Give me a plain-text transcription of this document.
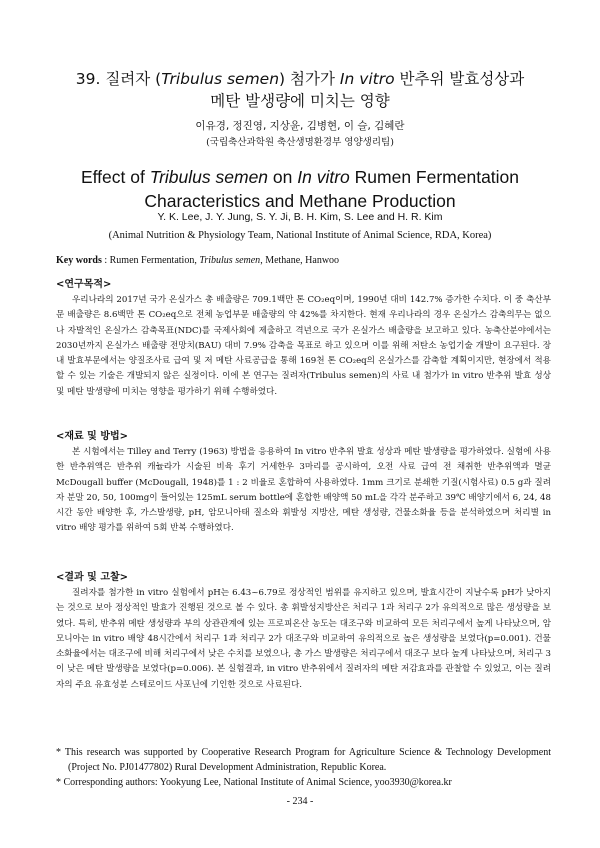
39. 질려자 (Tribulus semen) 첨가가 In vitro 반추위 발효성상과
메탄 발생량에 미치는 영향
이유경, 정진영, 지상윤, 김병현, 이 슬, 김혜란
(국립축산과학원 축산생명환경부 영양생리팀)
Effect of Tribulus semen on In vitro Rumen Fermentation
Characteristics and Methane Production
Y. K. Lee, J. Y. Jung, S. Y. Ji, B. H. Kim, S. Lee and H. R. Kim
(Animal Nutrition & Physiology Team, National Institute of Animal Science, RDA, Korea)
Key words : Rumen Fermentation, Tribulus semen, Methane, Hanwoo
<연구목적>

우리나라의 2017년 국가 온실가스 총 배출량은 709.1백만 톤 CO₂eq이며, 1990년 대비 142.7% 증가한 수치다. 이 중 축산부문 배출량은 8.6백만 톤 CO₂eq으로 전체 농업부문 배출량의 약 42%를 차지한다. 현재 우리나라의 경우 온실가스 감축의무는 없으나 자발적인 온실가스 감축목표(NDC)를 국제사회에 제출하고 격년으로 국가 온실가스 배출량을 보고하고 있다. 농축산분야에서는 2030년까지 온실가스 배출량 전망치(BAU) 대비 7.9% 감축을 목표로 하고 있으며 이를 위해 저탄소 농업기술 개발이 요구된다. 장내 발효부문에서는 양질조사료 급여 및 저 메탄 사료공급을 통해 169천 톤 CO₂eq의 온실가스를 감축할 계획이지만, 현장에서 적용할 수 있는 기술은 개발되지 않은 실정이다. 이에 본 연구는 질려자(Tribulus semen)의 사료 내 첨가가 in vitro 반추위 발효 성상 및 메탄 발생량에 미치는 영향을 평가하기 위해 수행하였다.

<재료 및 방법>

본 시험에서는 Tilley and Terry (1963) 방법을 응용하여 In vitro 반추위 발효 성상과 메탄 발생량을 평가하였다. 실험에 사용한 반추위액은 반추위 캐뉼라가 시술된 비육 후기 거세한우 3마리를 공시하여, 오전 사료 급여 전 채취한 반추위액과 멸균 McDougall buffer (McDougall, 1948)를 1 : 2 비율로 혼합하여 사용하였다. 1mm 크기로 분쇄한 기질(시험사료) 0.5 g과 질려자 분말 20, 50, 100mg이 들어있는 125mL serum bottle에 혼합한 배양액 50 mL을 각각 분주하고 39℃ 배양기에서 6, 24, 48시간 동안 배양한 후, 가스발생량, pH, 암모니아태 질소와 휘발성 지방산, 메탄 생성량, 건물소화율 등을 분석하였으며 처리별 in vitro 배양 평가를 위하여 5회 반복 수행하였다.

<결과 및 고찰>

질려자를 첨가한 in vitro 실험에서 pH는 6.43~6.79로 정상적인 범위를 유지하고 있으며, 발효시간이 지날수록 pH가 낮아지는 것으로 보아 정상적인 발효가 진행된 것으로 볼 수 있다. 총 휘발성지방산은 처리구 1과 처리구 2가 유의적으로 많은 생성량을 보였다. 특히, 반추위 메탄 생성량과 부의 상관관계에 있는 프로피온산 농도는 대조구와 비교하여 모든 처리구에서 높게 나타났으며, 암모니아는 in vitro 배양 48시간에서 처리구 1과 처리구 2가 대조구와 비교하여 유의적으로 높은 생성량을 보였다(p=0.001). 건물소화율에서는 대조구에 비해 처리구에서 낮은 수치를 보였으나, 총 가스 발생량은 처리구에서 대조구 보다 높게 나타났으며, 처리구 3이 낮은 메탄 발생량을 보였다(p=0.006). 본 실험결과, in vitro 반추위에서 질려자의 메탄 저감효과를 관찰할 수 있었고, 이는 질려자의 주요 유효성분 스테로이드 사포닌에 기인한 것으로 사료된다.

* This research was supported by Cooperative Research Program for Agriculture Science & Technology Development (Project No. PJ01477802) Rural Development Administration, Republic Korea.

* Corresponding authors: Yookyung Lee, National Institute of Animal Science, yoo3930@korea.kr

- 234 -
